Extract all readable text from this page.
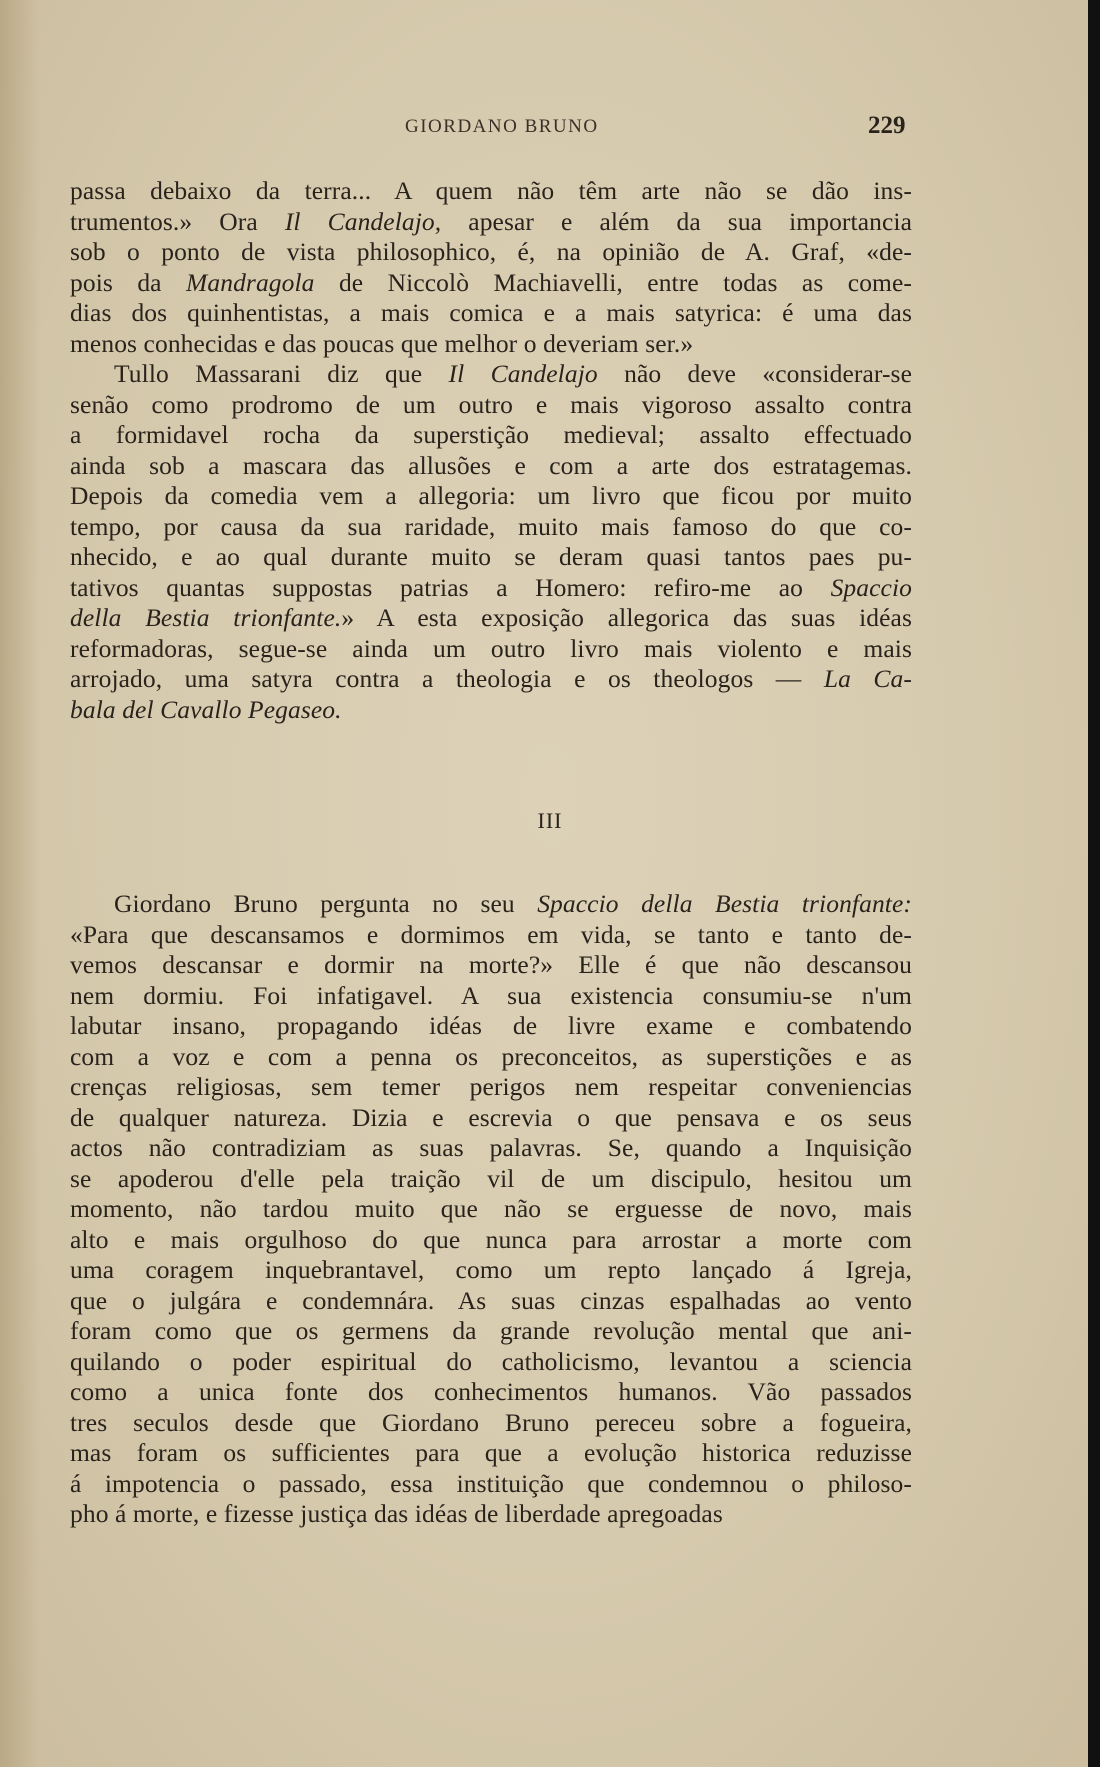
GIORDANO BRUNO	229
passa debaixo da terra... A quem não têm arte não se dão ins-
trumentos.» Ora Il Candelajo, apesar e além da sua importancia
sob o ponto de vista philosophico, é, na opinião de A. Graf, «de-
pois da Mandragola de Niccolò Machiavelli, entre todas as come-
dias dos quinhentistas, a mais comica e a mais satyrica: é uma das
menos conhecidas e das poucas que melhor o deveriam ser.»
Tullo Massarani diz que Il Candelajo não deve «considerar-se
senão como prodromo de um outro e mais vigoroso assalto contra
a formidavel rocha da superstição medieval; assalto effectuado
ainda sob a mascara das allusões e com a arte dos estratagemas.
Depois da comedia vem a allegoria: um livro que ficou por muito
tempo, por causa da sua raridade, muito mais famoso do que co-
nhecido, e ao qual durante muito se deram quasi tantos paes pu-
tativos quantas suppostas patrias a Homero: refiro-me ao Spaccio
della Bestia trionfante.» A esta exposição allegorica das suas idéas
reformadoras, segue-se ainda um outro livro mais violento e mais
arrojado, uma satyra contra a theologia e os theologos — La Ca-
bala del Cavallo Pegaseo.
III
Giordano Bruno pergunta no seu Spaccio della Bestia trionfante:
«Para que descansamos e dormimos em vida, se tanto e tanto de-
vemos descansar e dormir na morte?» Elle é que não descansou
nem dormiu. Foi infatigavel. A sua existencia consumiu-se n'um
labutar insano, propagando idéas de livre exame e combatendo
com a voz e com a penna os preconceitos, as superstições e as
crenças religiosas, sem temer perigos nem respeitar conveniencias
de qualquer natureza. Dizia e escrevia o que pensava e os seus
actos não contradiziam as suas palavras. Se, quando a Inquisição
se apoderou d'elle pela traição vil de um discipulo, hesitou um
momento, não tardou muito que não se erguesse de novo, mais
alto e mais orgulhoso do que nunca para arrostar a morte com
uma coragem inquebrantavel, como um repto lançado á Igreja,
que o julgára e condemnára. As suas cinzas espalhadas ao vento
foram como que os germens da grande revolução mental que ani-
quilando o poder espiritual do catholicismo, levantou a sciencia
como a unica fonte dos conhecimentos humanos. Vão passados
tres seculos desde que Giordano Bruno pereceu sobre a fogueira,
mas foram os sufficientes para que a evolução historica reduzisse
á impotencia o passado, essa instituição que condemnou o philoso-
pho á morte, e fizesse justiça das idéas de liberdade apregoadas
